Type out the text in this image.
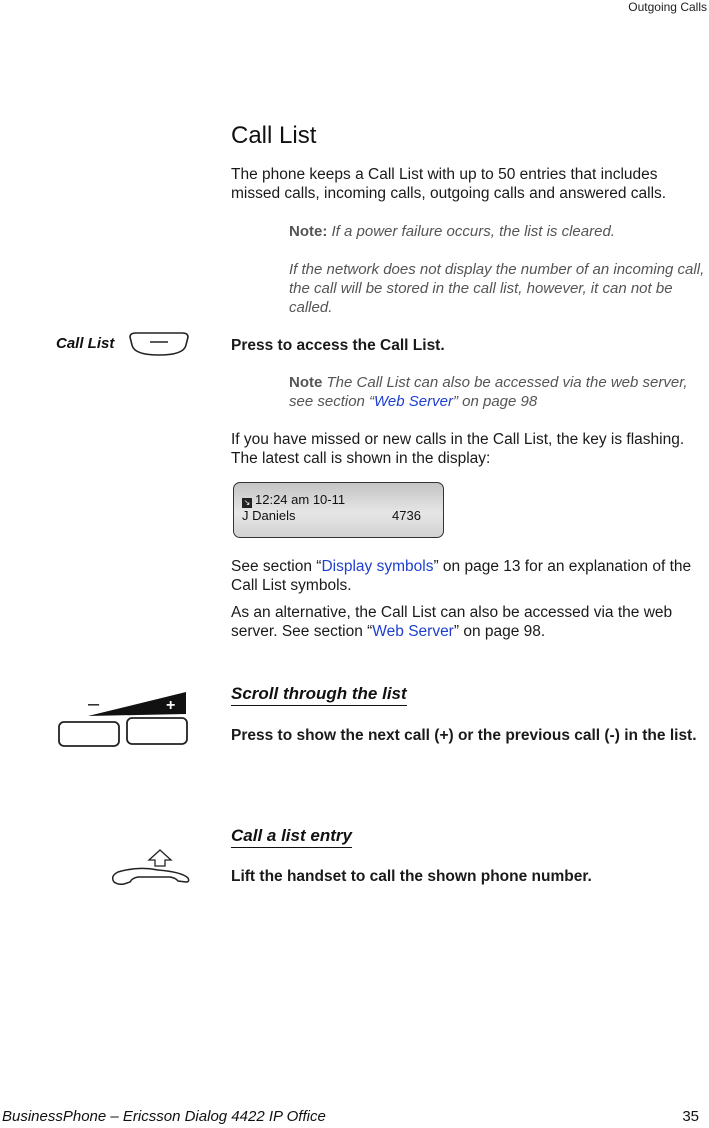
Outgoing Calls
Call List
The phone keeps a Call List with up to 50 entries that includes missed calls, incoming calls, outgoing calls and answered calls.
Note: If a power failure occurs, the list is cleared.
If the network does not display the number of an incoming call, the call will be stored in the call list, however, it can not be called.
Call List	Press to access the Call List.
Note The Call List can also be accessed via the web server, see section “Web Server” on page 98
If you have missed or new calls in the Call List, the key is flashing. The latest call is shown in the display:
↘ 12:24 am 10-11
J Daniels	4736
See section “Display symbols” on page 13 for an explanation of the Call List symbols.
As an alternative, the Call List can also be accessed via the web server. See section “Web Server” on page 98.
–	+
Scroll through the list
Press to show the next call (+) or the previous call (-) in the list.
Call a list entry
Lift the handset to call the shown phone number.
BusinessPhone – Ericsson Dialog 4422 IP Office	35
